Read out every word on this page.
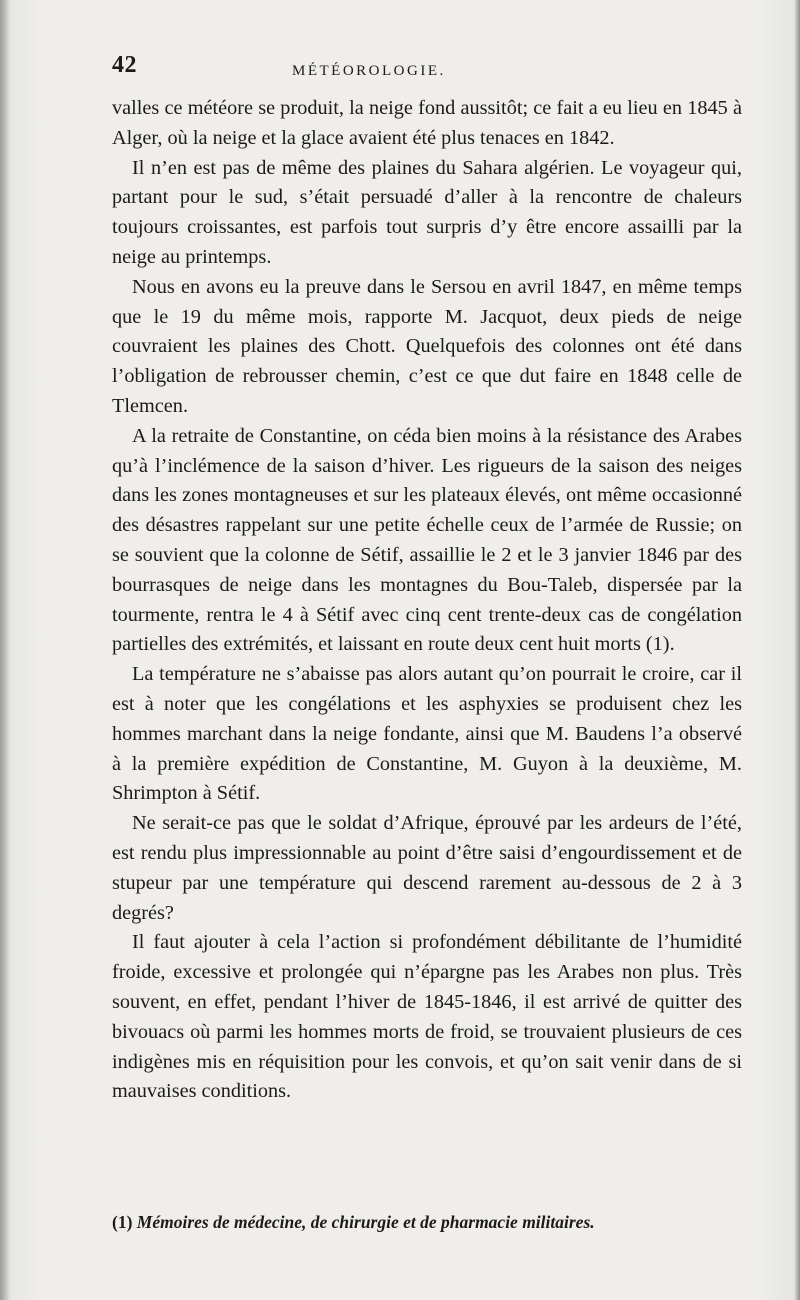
42	MÉTÉOROLOGIE.

valles ce météore se produit, la neige fond aussitôt; ce fait a eu lieu en 1845 à Alger, où la neige et la glace avaient été plus tenaces en 1842.

Il n’en est pas de même des plaines du Sahara algérien. Le voyageur qui, partant pour le sud, s’était persuadé d’aller à la rencontre de chaleurs toujours croissantes, est parfois tout surpris d’y être encore assailli par la neige au printemps.

Nous en avons eu la preuve dans le Sersou en avril 1847, en même temps que le 19 du même mois, rapporte M. Jacquot, deux pieds de neige couvraient les plaines des Chott. Quelquefois des colonnes ont été dans l’obligation de rebrousser chemin, c’est ce que dut faire en 1848 celle de Tlemcen.

A la retraite de Constantine, on céda bien moins à la résistance des Arabes qu’à l’inclémence de la saison d’hiver. Les rigueurs de la saison des neiges dans les zones montagneuses et sur les plateaux élevés, ont même occasionné des désastres rappelant sur une petite échelle ceux de l’armée de Russie; on se souvient que la colonne de Sétif, assaillie le 2 et le 3 janvier 1846 par des bourrasques de neige dans les montagnes du Bou-Taleb, dispersée par la tourmente, rentra le 4 à Sétif avec cinq cent trente-deux cas de congélation partielles des extrémités, et laissant en route deux cent huit morts (1).

La température ne s’abaisse pas alors autant qu’on pourrait le croire, car il est à noter que les congélations et les asphyxies se produisent chez les hommes marchant dans la neige fondante, ainsi que M. Baudens l’a observé à la première expédition de Constantine, M. Guyon à la deuxième, M. Shrimpton à Sétif.

Ne serait-ce pas que le soldat d’Afrique, éprouvé par les ardeurs de l’été, est rendu plus impressionnable au point d’être saisi d’engourdissement et de stupeur par une température qui descend rarement au-dessous de 2 à 3 degrés?

Il faut ajouter à cela l’action si profondément débilitante de l’humidité froide, excessive et prolongée qui n’épargne pas les Arabes non plus. Très souvent, en effet, pendant l’hiver de 1845-1846, il est arrivé de quitter des bivouacs où parmi les hommes morts de froid, se trouvaient plusieurs de ces indigènes mis en réquisition pour les convois, et qu’on sait venir dans de si mauvaises conditions.

(1) Mémoires de médecine, de chirurgie et de pharmacie militaires.
